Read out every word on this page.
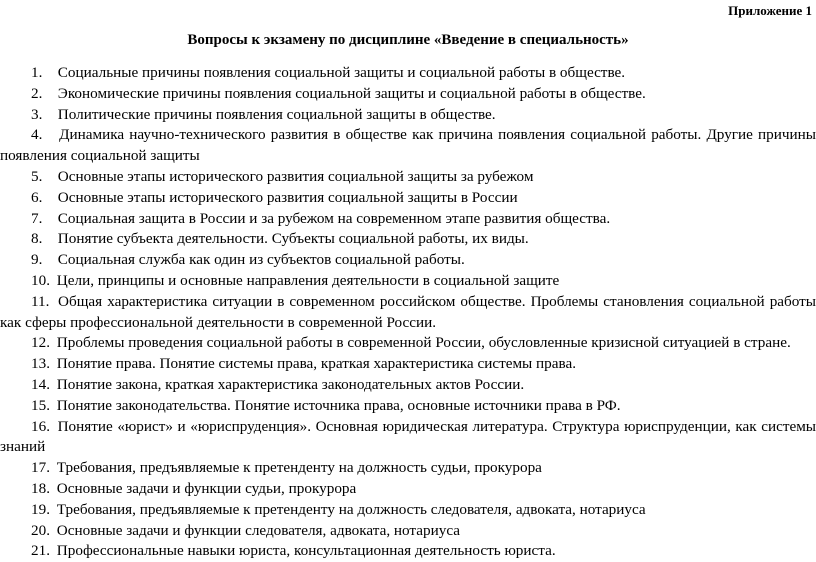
Приложение 1
Вопросы к экзамену по дисциплине «Введение в специальность»
1. Социальные причины появления социальной защиты и социальной работы в обществе.
2. Экономические причины появления социальной защиты и социальной работы в обществе.
3. Политические причины появления социальной защиты в обществе.
4. Динамика научно-технического развития в обществе как причина появления социальной работы. Другие причины появления социальной защиты
5. Основные этапы исторического развития социальной защиты за рубежом
6. Основные этапы исторического развития социальной защиты в России
7. Социальная защита в России и за рубежом на современном этапе развития общества.
8. Понятие субъекта деятельности. Субъекты социальной работы, их виды.
9. Социальная служба как один из субъектов социальной работы.
10. Цели, принципы и основные направления деятельности в социальной защите
11. Общая характеристика ситуации в современном российском обществе. Проблемы становления социальной работы как сферы профессиональной деятельности в современной России.
12. Проблемы проведения социальной работы в современной России, обусловленные кризисной ситуацией в стране.
13. Понятие права. Понятие системы права, краткая характеристика системы права.
14. Понятие закона, краткая характеристика законодательных актов России.
15. Понятие законодательства. Понятие источника права, основные источники права в РФ.
16. Понятие «юрист» и «юриспруденция». Основная юридическая литература. Структура юриспруденции, как системы знаний
17. Требования, предъявляемые к претенденту на должность судьи, прокурора
18. Основные задачи и функции судьи, прокурора
19. Требования, предъявляемые к претенденту на должность следователя, адвоката, нотариуса
20. Основные задачи и функции следователя, адвоката, нотариуса
21. Профессиональные навыки юриста, консультационная деятельность юриста.
